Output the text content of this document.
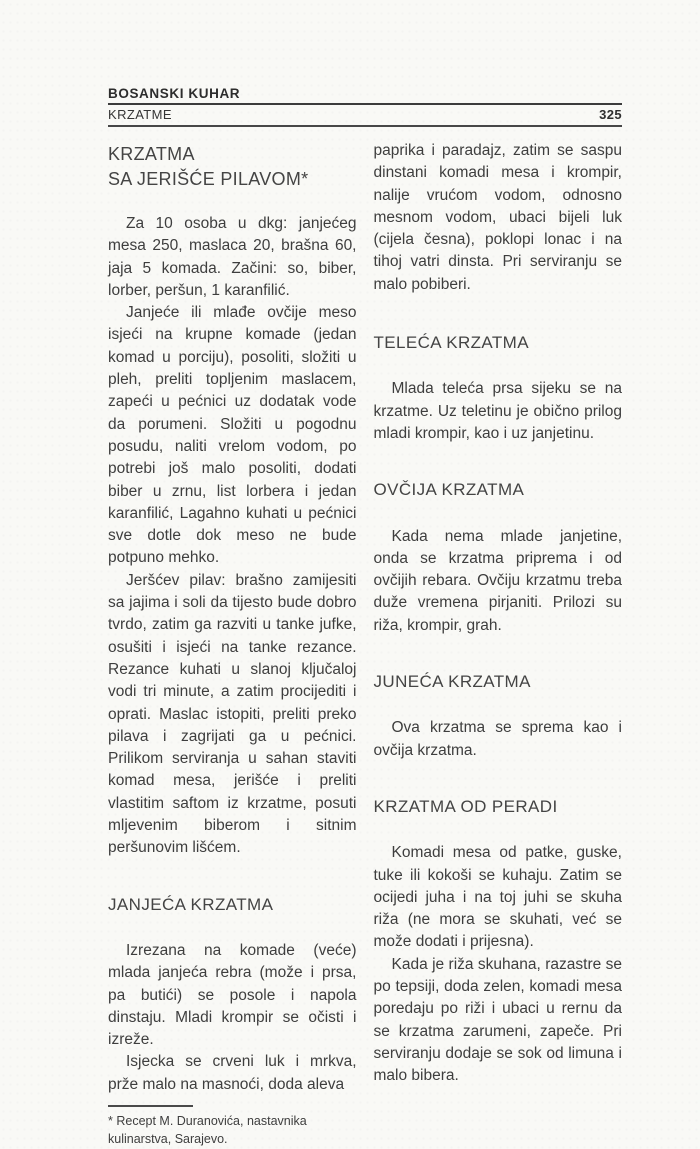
BOSANSKI KUHAR
KRZATME	325
KRZATMA
SA JERIŠĆE PILAVOM*

Za 10 osoba u dkg: janjećeg mesa 250, maslaca 20, brašna 60, jaja 5 komada. Začini: so, biber, lorber, peršun, 1 karanfilić.

Janjeće ili mlađe ovčije meso isjeći na krupne komade (jedan komad u porciju), posoliti, složiti u pleh, preliti topljenim maslacem, zapeći u pećnici uz dodatak vode da porumeni. Složiti u pogodnu posudu, naliti vrelom vodom, po potrebi još malo posoliti, dodati biber u zrnu, list lorbera i jedan karanfilić, Lagahno kuhati u pećnici sve dotle dok meso ne bude potpuno mehko.

Jeršćev pilav: brašno zamijesiti sa jajima i soli da tijesto bude dobro tvrdo, zatim ga razviti u tanke jufke, osušiti i isjeći na tanke rezance. Rezance kuhati u slanoj ključaloj vodi tri minute, a zatim procijediti i oprati. Maslac istopiti, preliti preko pilava i zagrijati ga u pećnici. Prilikom serviranja u sahan staviti komad mesa, jerišće i preliti vlastitim saftom iz krzatme, posuti mljevenim biberom i sitnim peršunovim lišćem.

JANJEĆA KRZATMA

Izrezana na komade (veće) mlada janjeća rebra (može i prsa, pa butići) se posole i napola dinstaju. Mladi krompir se očisti i izreže.

Isjecka se crveni luk i mrkva, prže malo na masnoći, doda aleva

* Recept M. Duranovića, nastavnika kulinarstva, Sarajevo.

paprika i paradajz, zatim se saspu dinstani komadi mesa i krompir, nalije vrućom vodom, odnosno mesnom vodom, ubaci bijeli luk (cijela česna), poklopi lonac i na tihoj vatri dinsta. Pri serviranju se malo pobiberi.

TELEĆA KRZATMA

Mlada teleća prsa sijeku se na krzatme. Uz teletinu je obično prilog mladi krompir, kao i uz janjetinu.

OVČIJA KRZATMA

Kada nema mlade janjetine, onda se krzatma priprema i od ovčijih rebara. Ovčiju krzatmu treba duže vremena pirjaniti. Prilozi su riža, krompir, grah.

JUNEĆA KRZATMA

Ova krzatma se sprema kao i ovčija krzatma.

KRZATMA OD PERADI

Komadi mesa od patke, guske, tuke ili kokoši se kuhaju. Zatim se ocijedi juha i na toj juhi se skuha riža (ne mora se skuhati, već se može dodati i prijesna).

Kada je riža skuhana, razastre se po tepsiji, doda zelen, komadi mesa poredaju po riži i ubaci u rernu da se krzatma zarumeni, zapeče. Pri serviranju dodaje se sok od limuna i malo bibera.
